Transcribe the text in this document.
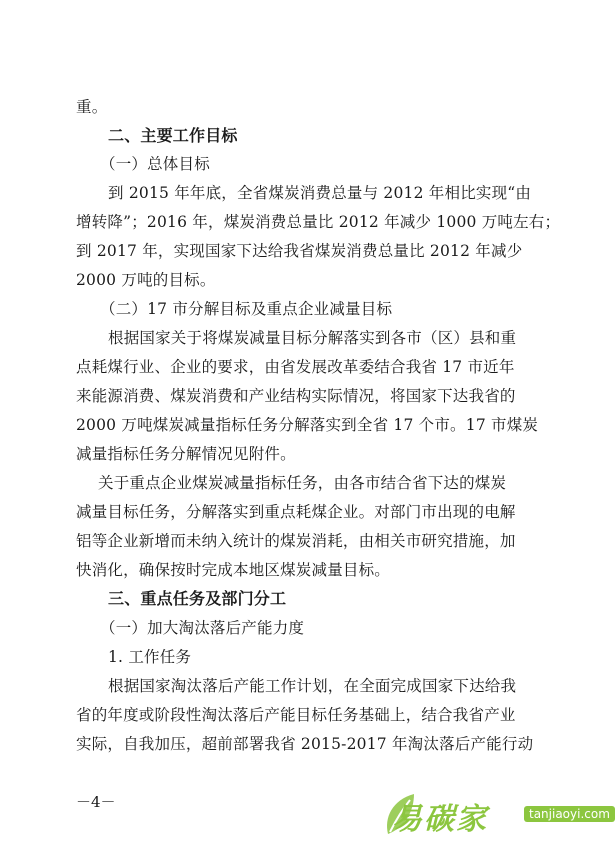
重。
二、主要工作目标
（一）总体目标
到 2015 年年底，全省煤炭消费总量与 2012 年相比实现“由
增转降”；2016 年，煤炭消费总量比 2012 年减少 1000 万吨左右；
到 2017 年，实现国家下达给我省煤炭消费总量比 2012 年减少
2000 万吨的目标。
（二）17 市分解目标及重点企业减量目标
根据国家关于将煤炭减量目标分解落实到各市（区）县和重
点耗煤行业、企业的要求，由省发展改革委结合我省 17 市近年
来能源消费、煤炭消费和产业结构实际情况，将国家下达我省的
2000 万吨煤炭减量指标任务分解落实到全省 17 个市。17 市煤炭
减量指标任务分解情况见附件。
关于重点企业煤炭减量指标任务，由各市结合省下达的煤炭
减量目标任务，分解落实到重点耗煤企业。对部门市出现的电解
铝等企业新增而未纳入统计的煤炭消耗，由相关市研究措施，加
快消化，确保按时完成本地区煤炭减量目标。
三、重点任务及部门分工
（一）加大淘汰落后产能力度
1. 工作任务
根据国家淘汰落后产能工作计划，在全面完成国家下达给我
省的年度或阶段性淘汰落后产能目标任务基础上，结合我省产业
实际，自我加压，超前部署我省 2015-2017 年淘汰落后产能行动
－4－	易碳家	tanjiaoyi.com
